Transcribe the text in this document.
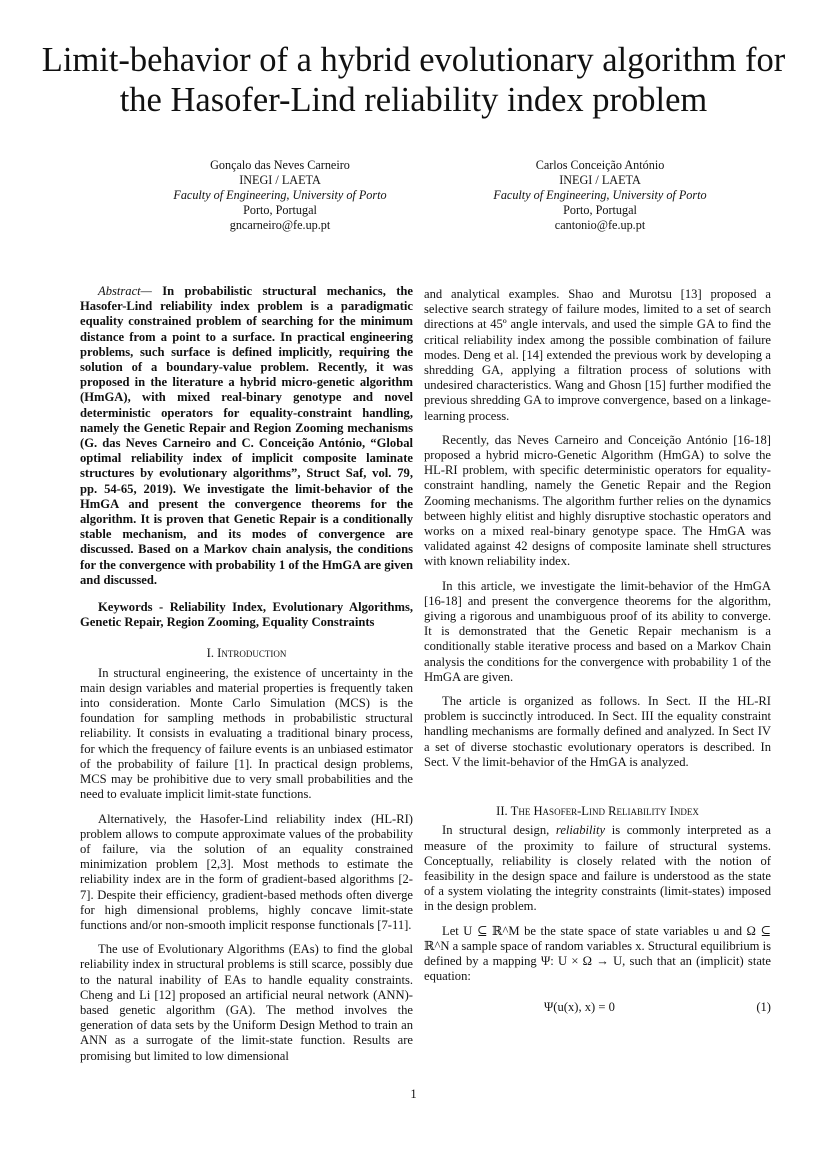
Limit-behavior of a hybrid evolutionary algorithm for the Hasofer-Lind reliability index problem
Gonçalo das Neves Carneiro
INEGI / LAETA
Faculty of Engineering, University of Porto
Porto, Portugal
gncarneiro@fe.up.pt
Carlos Conceição António
INEGI / LAETA
Faculty of Engineering, University of Porto
Porto, Portugal
cantonio@fe.up.pt

Abstract— In probabilistic structural mechanics, the Hasofer-Lind reliability index problem is a paradigmatic equality constrained problem of searching for the minimum distance from a point to a surface. In practical engineering problems, such surface is defined implicitly, requiring the solution of a boundary-value problem. Recently, it was proposed in the literature a hybrid micro-genetic algorithm (HmGA), with mixed real-binary genotype and novel deterministic operators for equality-constraint handling, namely the Genetic Repair and Region Zooming mechanisms (G. das Neves Carneiro and C. Conceição António, “Global optimal reliability index of implicit composite laminate structures by evolutionary algorithms”, Struct Saf, vol. 79, pp. 54-65, 2019). We investigate the limit-behavior of the HmGA and present the convergence theorems for the algorithm. It is proven that Genetic Repair is a conditionally stable mechanism, and its modes of convergence are discussed. Based on a Markov chain analysis, the conditions for the convergence with probability 1 of the HmGA are given and discussed.

Keywords - Reliability Index, Evolutionary Algorithms, Genetic Repair, Region Zooming, Equality Constraints

I. Introduction

In structural engineering, the existence of uncertainty in the main design variables and material properties is frequently taken into consideration. Monte Carlo Simulation (MCS) is the foundation for sampling methods in probabilistic structural reliability. It consists in evaluating a traditional binary process, for which the frequency of failure events is an unbiased estimator of the probability of failure [1]. In practical design problems, MCS may be prohibitive due to very small probabilities and the need to evaluate implicit limit-state functions.

Alternatively, the Hasofer-Lind reliability index (HL-RI) problem allows to compute approximate values of the probability of failure, via the solution of an equality constrained minimization problem [2,3]. Most methods to estimate the reliability index are in the form of gradient-based algorithms [2-7]. Despite their efficiency, gradient-based methods often diverge for high dimensional problems, highly concave limit-state functions and/or non-smooth implicit response functionals [7-11].

The use of Evolutionary Algorithms (EAs) to find the global reliability index in structural problems is still scarce, possibly due to the natural inability of EAs to handle equality constraints. Cheng and Li [12] proposed an artificial neural network (ANN)-based genetic algorithm (GA). The method involves the generation of data sets by the Uniform Design Method to train an ANN as a surrogate of the limit-state function. Results are promising but limited to low dimensional

and analytical examples. Shao and Murotsu [13] proposed a selective search strategy of failure modes, limited to a set of search directions at 45º angle intervals, and used the simple GA to find the critical reliability index among the possible combination of failure modes. Deng et al. [14] extended the previous work by developing a shredding GA, applying a filtration process of solutions with undesired characteristics. Wang and Ghosn [15] further modified the previous shredding GA to improve convergence, based on a linkage-learning process.

Recently, das Neves Carneiro and Conceição António [16-18] proposed a hybrid micro-Genetic Algorithm (HmGA) to solve the HL-RI problem, with specific deterministic operators for equality-constraint handling, namely the Genetic Repair and the Region Zooming mechanisms. The algorithm further relies on the dynamics between highly elitist and highly disruptive stochastic operators and works on a mixed real-binary genotype space. The HmGA was validated against 42 designs of composite laminate shell structures with known reliability index.

In this article, we investigate the limit-behavior of the HmGA [16-18] and present the convergence theorems for the algorithm, giving a rigorous and unambiguous proof of its ability to converge. It is demonstrated that the Genetic Repair mechanism is a conditionally stable iterative process and based on a Markov Chain analysis the conditions for the convergence with probability 1 of the HmGA are given.

The article is organized as follows. In Sect. II the HL-RI problem is succinctly introduced. In Sect. III the equality constraint handling mechanisms are formally defined and analyzed. In Sect IV a set of diverse stochastic evolutionary operators is described. In Sect. V the limit-behavior of the HmGA is analyzed.

II. The Hasofer-Lind Reliability Index

In structural design, reliability is commonly interpreted as a measure of the proximity to failure of structural systems. Conceptually, reliability is closely related with the notion of feasibility in the design space and failure is understood as the state of a system violating the integrity constraints (limit-states) imposed in the design problem.

Let U ⊆ ℝ^M be the state space of state variables u and Ω ⊆ ℝ^N a sample space of random variables x. Structural equilibrium is defined by a mapping Ψ: U × Ω → U, such that an (implicit) state equation:

Ψ(u(x), x) = 0	(1)
1
